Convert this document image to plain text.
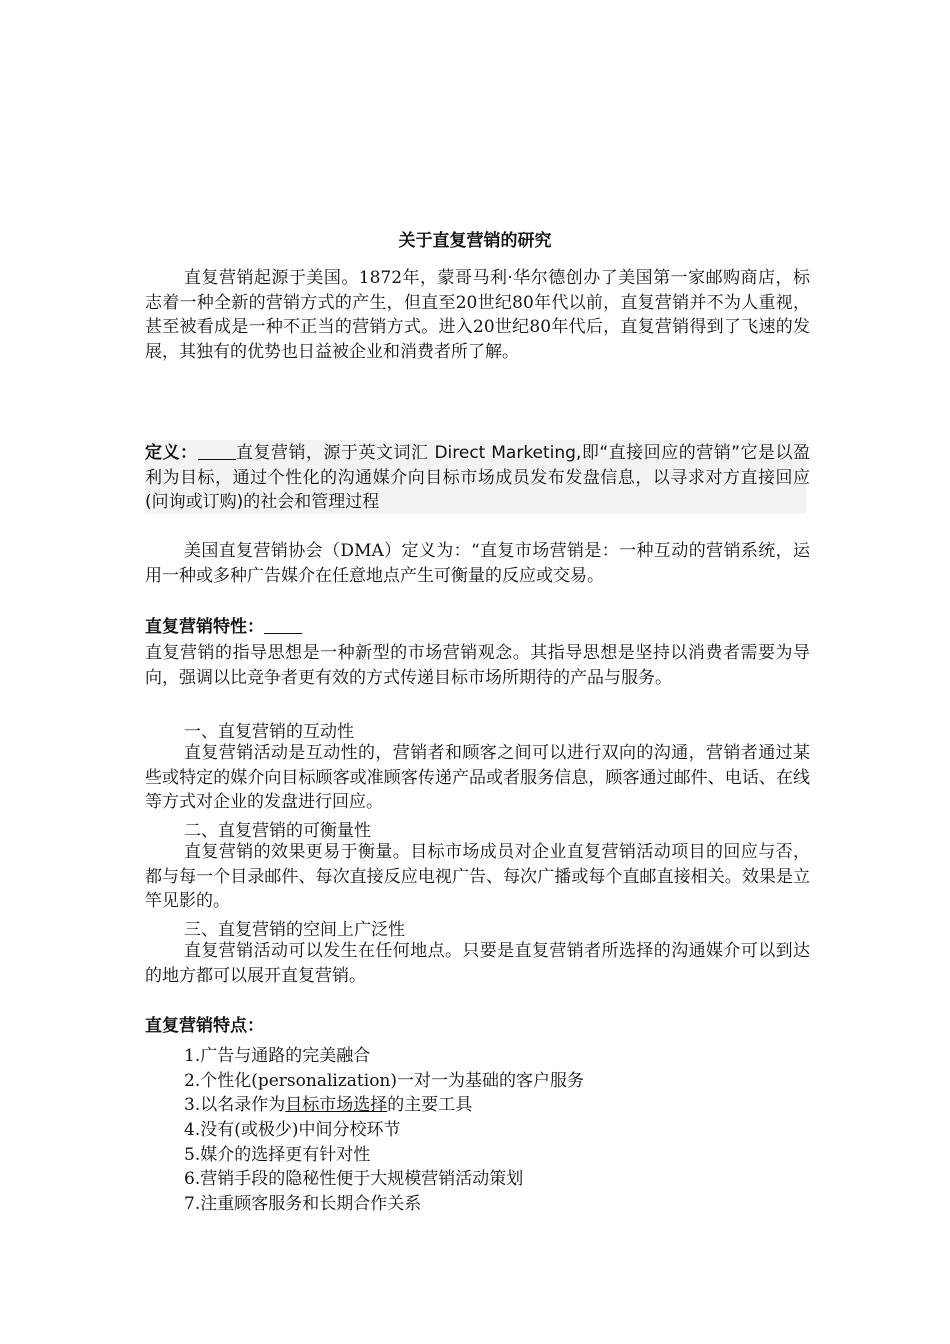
关于直复营销的研究
直复营销起源于美国。1872年，蒙哥马利·华尔德创办了美国第一家邮购商店，标志着一种全新的营销方式的产生，但直至20世纪80年代以前，直复营销并不为人重视，甚至被看成是一种不正当的营销方式。进入20世纪80年代后，直复营销得到了飞速的发展，其独有的优势也日益被企业和消费者所了解。
定义： 直复营销，源于英文词汇 Direct Marketing,即“直接回应的营销”它是以盈利为目标，通过个性化的沟通媒介向目标市场成员发布发盘信息，以寻求对方直接回应(问询或订购)的社会和管理过程
美国直复营销协会（DMA）定义为：“直复市场营销是：一种互动的营销系统，运用一种或多种广告媒介在任意地点产生可衡量的反应或交易。
直复营销特性：
直复营销的指导思想是一种新型的市场营销观念。其指导思想是坚持以消费者需要为导向，强调以比竞争者更有效的方式传递目标市场所期待的产品与服务。
一、直复营销的互动性
直复营销活动是互动性的，营销者和顾客之间可以进行双向的沟通，营销者通过某些或特定的媒介向目标顾客或准顾客传递产品或者服务信息，顾客通过邮件、电话、在线等方式对企业的发盘进行回应。
二、直复营销的可衡量性
直复营销的效果更易于衡量。目标市场成员对企业直复营销活动项目的回应与否，都与每一个目录邮件、每次直接反应电视广告、每次广播或每个直邮直接相关。效果是立竿见影的。
三、直复营销的空间上广泛性
直复营销活动可以发生在任何地点。只要是直复营销者所选择的沟通媒介可以到达的地方都可以展开直复营销。
直复营销特点：
1.广告与通路的完美融合
2.个性化(personalization)一对一为基础的客户服务
3.以名录作为目标市场选择的主要工具
4.没有(或极少)中间分校环节
5.媒介的选择更有针对性
6.营销手段的隐秘性便于大规模营销活动策划
7.注重顾客服务和长期合作关系
